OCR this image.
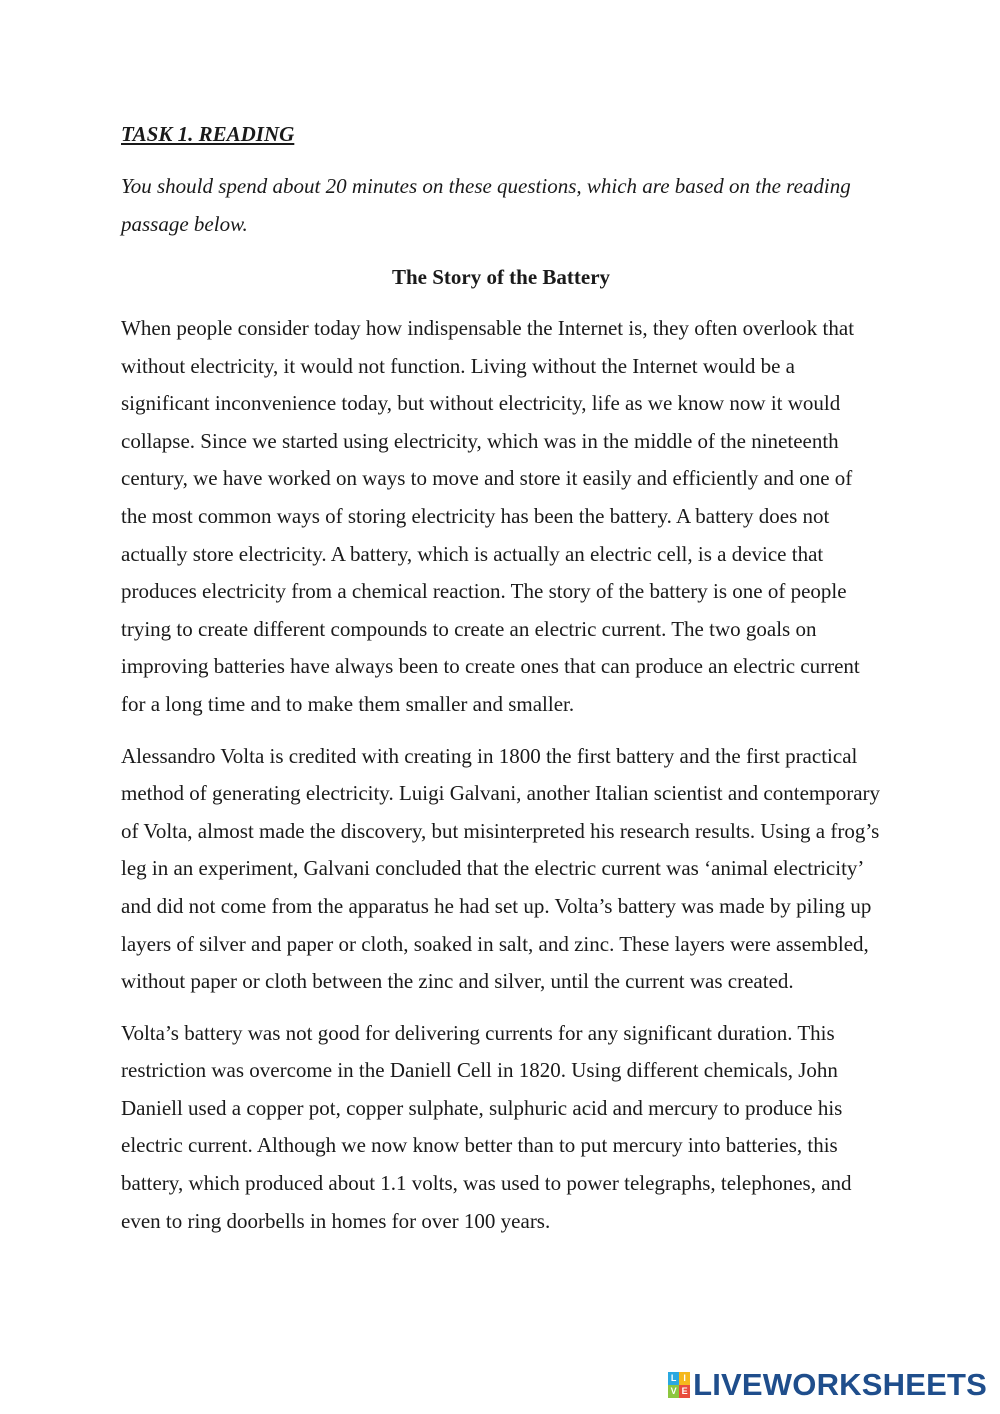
TASK 1. READING

You should spend about 20 minutes on these questions, which are based on the reading passage below.

The Story of the Battery

When people consider today how indispensable the Internet is, they often overlook that without electricity, it would not function. Living without the Internet would be a significant inconvenience today, but without electricity, life as we know now it would collapse. Since we started using electricity, which was in the middle of the nineteenth century, we have worked on ways to move and store it easily and efficiently and one of the most common ways of storing electricity has been the battery. A battery does not actually store electricity. A battery, which is actually an electric cell, is a device that produces electricity from a chemical reaction. The story of the battery is one of people trying to create different compounds to create an electric current. The two goals on improving batteries have always been to create ones that can produce an electric current for a long time and to make them smaller and smaller.

Alessandro Volta is credited with creating in 1800 the first battery and the first practical method of generating electricity. Luigi Galvani, another Italian scientist and contemporary of Volta, almost made the discovery, but misinterpreted his research results. Using a frog’s leg in an experiment, Galvani concluded that the electric current was ‘animal electricity’ and did not come from the apparatus he had set up. Volta’s battery was made by piling up layers of silver and paper or cloth, soaked in salt, and zinc. These layers were assembled, without paper or cloth between the zinc and silver, until the current was created.

Volta’s battery was not good for delivering currents for any significant duration. This restriction was overcome in the Daniell Cell in 1820. Using different chemicals, John Daniell used a copper pot, copper sulphate, sulphuric acid and mercury to produce his electric current. Although we now know better than to put mercury into batteries, this battery, which produced about 1.1 volts, was used to power telegraphs, telephones, and even to ring doorbells in homes for over 100 years.

L I
V E LIVEWORKSHEETS
